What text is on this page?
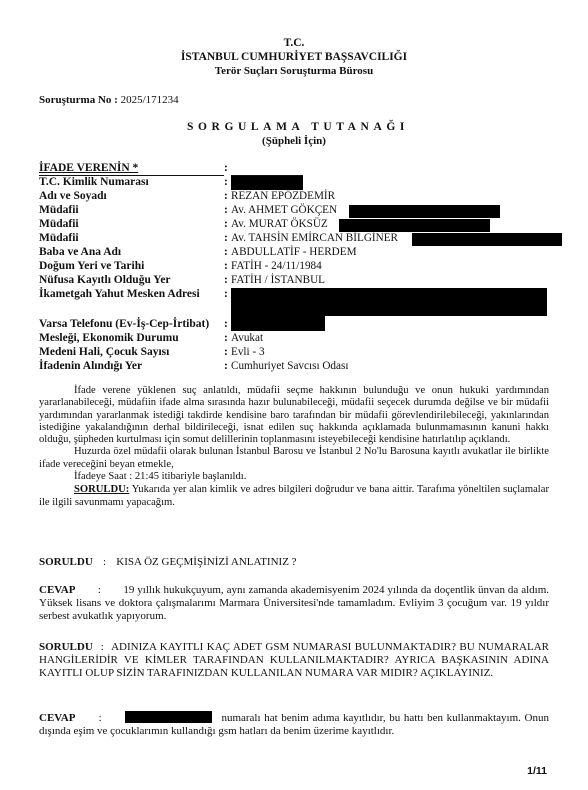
T.C.
İSTANBUL CUMHURİYET BAŞSAVCILIĞI
Terör Suçları Soruşturma Bürosu
Soruşturma No : 2025/171234
SORGULAMA TUTANAĞI
(Şüpheli İçin)
İFADE VERENİN *	:
T.C. Kimlik Numarası	:
Adı ve Soyadı	: REZAN EPÖZDEMİR
Müdafii	: Av. AHMET GÖKÇEN
Müdafii	: Av. MURAT ÖKSÜZ
Müdafii	: Av. TAHSİN EMİRCAN BİLGİNER
Baba ve Ana Adı	: ABDULLATİF - HERDEM
Doğum Yeri ve Tarihi	: FATİH - 24/11/1984
Nüfusa Kayıtlı Olduğu Yer	: FATİH / İSTANBUL
İkametgah Yahut Mesken Adresi :
Varsa Telefonu (Ev-İş-Cep-İrtibat) :
Mesleği, Ekonomik Durumu	: Avukat
Medeni Hali, Çocuk Sayısı	: Evli - 3
İfadenin Alındığı Yer	: Cumhuriyet Savcısı Odası

İfade verene yüklenen suç anlatıldı, müdafii seçme hakkının bulunduğu ve onun hukuki yardımından yararlanabileceği, müdafiin ifade alma sırasında hazır bulunabileceği, müdafii seçecek durumda değilse ve bir müdafii yardımından yararlanmak istediği takdirde kendisine baro tarafından bir müdafii görevlendirilebileceği, yakınlarından istediğine yakalandığının derhal bildirileceği, isnat edilen suç hakkında açıklamada bulunmamasının kanuni hakkı olduğu, şüpheden kurtulması için somut delillerinin toplanmasını isteyebileceği kendisine hatırlatılıp açıklandı.

Huzurda özel müdafii olarak bulunan İstanbul Barosu ve İstanbul 2 No'lu Barosuna kayıtlı avukatlar ile birlikte ifade vereceğini beyan etmekle,

İfadeye Saat : 21:45 itibariyle başlanıldı.

SORULDU: Yukarıda yer alan kimlik ve adres bilgileri doğrudur ve bana aittir. Tarafıma yöneltilen suçlamalar ile ilgili savunmamı yapacağım.

SORULDU : KISA ÖZ GEÇMİŞİNİZİ ANLATINIZ ?
CEVAP : 19 yıllık hukukçuyum, aynı zamanda akademisyenim 2024 yılında da doçentlik ünvan da aldım. Yüksek lisans ve doktora çalışmalarımı Marmara Üniversitesi'nde tamamladım. Evliyim 3 çocuğum var. 19 yıldır serbest avukatlık yapıyorum.
SORULDU : ADINIZA KAYITLI KAÇ ADET GSM NUMARASI BULUNMAKTADIR? BU NUMARALAR HANGİLERİDİR VE KİMLER TARAFINDAN KULLANILMAKTADIR? AYRICA BAŞKASININ ADINA KAYITLI OLUP SİZİN TARAFINIZDAN KULLANILAN NUMARA VAR MIDIR? AÇIKLAYINIZ.
CEVAP :	numaralı hat benim adıma kayıtlıdır, bu hattı ben kullanmaktayım. Onun dışında eşim ve çocuklarımın kullandığı gsm hatları da benim üzerime kayıtlıdır.
1/11
